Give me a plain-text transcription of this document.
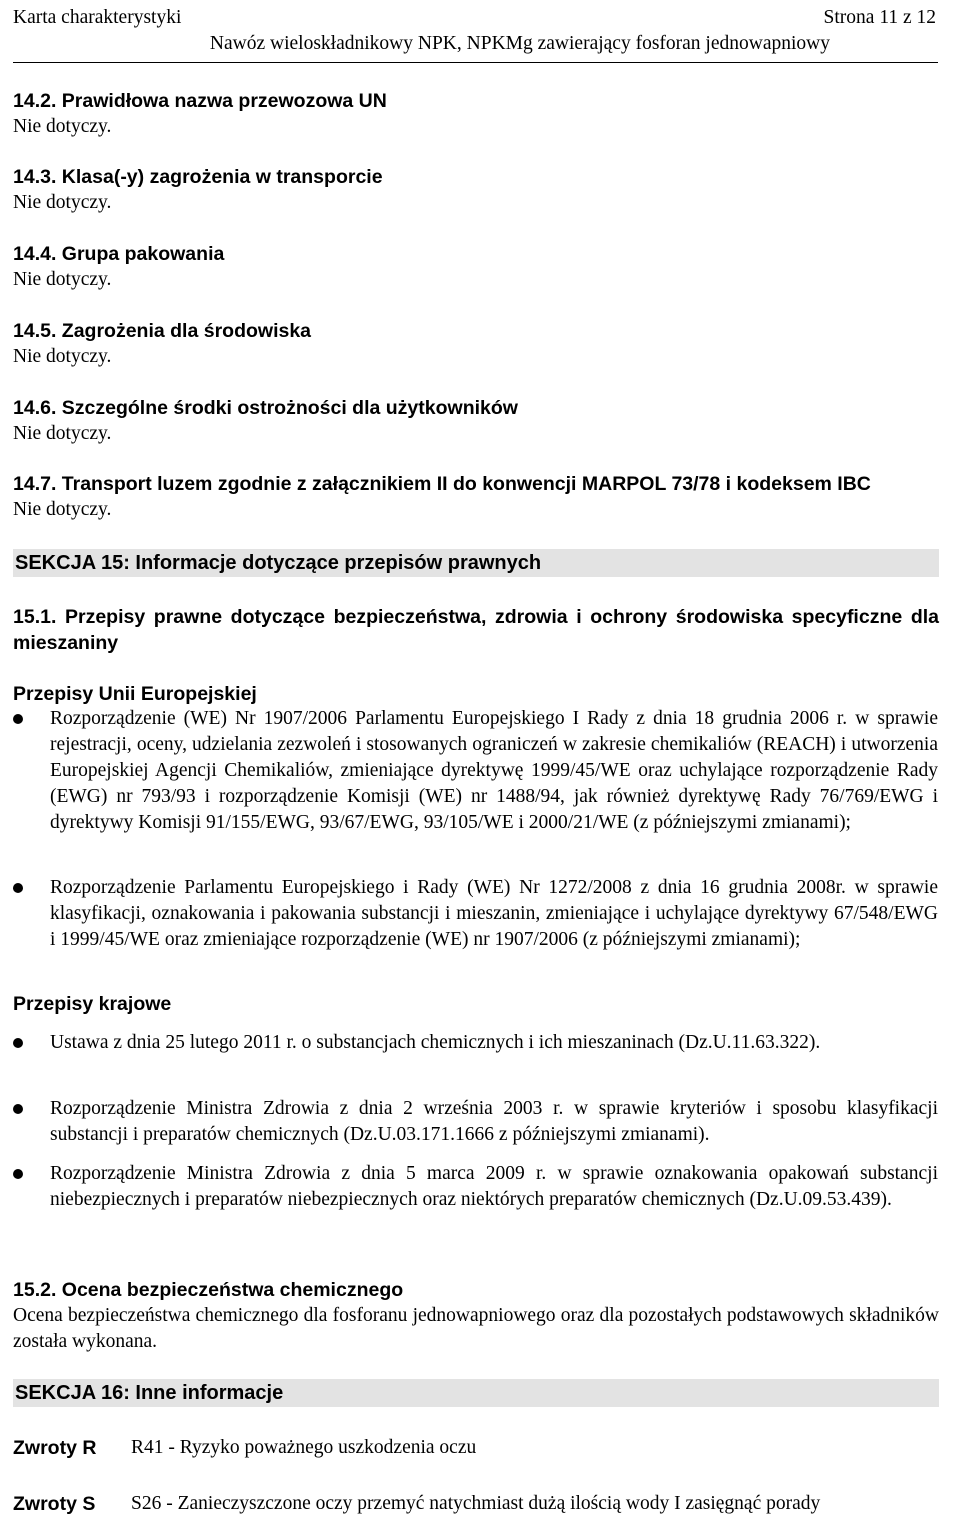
Karta charakterystyki	Strona 11 z 12
Nawóz wieloskładnikowy NPK, NPKMg zawierający fosforan jednowapniowy
14.2. Prawidłowa nazwa przewozowa UN
Nie dotyczy.
14.3. Klasa(-y) zagrożenia w transporcie
Nie dotyczy.
14.4. Grupa pakowania
Nie dotyczy.
14.5. Zagrożenia dla środowiska
Nie dotyczy.
14.6. Szczególne środki ostrożności dla użytkowników
Nie dotyczy.
14.7. Transport luzem zgodnie z załącznikiem II do konwencji MARPOL 73/78 i kodeksem IBC
Nie dotyczy.
SEKCJA 15: Informacje dotyczące przepisów prawnych
15.1. Przepisy prawne dotyczące bezpieczeństwa, zdrowia i ochrony środowiska specyficzne dla mieszaniny
Przepisy Unii Europejskiej
Rozporządzenie (WE) Nr 1907/2006 Parlamentu Europejskiego I Rady z dnia 18 grudnia 2006 r. w sprawie rejestracji, oceny, udzielania zezwoleń i stosowanych ograniczeń w zakresie chemikaliów (REACH) i utworzenia Europejskiej Agencji Chemikaliów, zmieniające dyrektywę 1999/45/WE oraz uchylające rozporządzenie Rady (EWG) nr 793/93 i rozporządzenie Komisji (WE) nr 1488/94, jak również dyrektywę Rady 76/769/EWG i dyrektywy Komisji 91/155/EWG, 93/67/EWG, 93/105/WE i 2000/21/WE (z późniejszymi zmianami);
Rozporządzenie Parlamentu Europejskiego i Rady (WE) Nr 1272/2008 z dnia 16 grudnia 2008r. w sprawie klasyfikacji, oznakowania i pakowania substancji i mieszanin, zmieniające i uchylające dyrektywy 67/548/EWG i 1999/45/WE oraz zmieniające rozporządzenie (WE) nr 1907/2006 (z późniejszymi zmianami);
Przepisy krajowe
Ustawa z dnia 25 lutego 2011 r. o substancjach chemicznych i ich mieszaninach (Dz.U.11.63.322).
Rozporządzenie Ministra Zdrowia z dnia 2 września 2003 r. w sprawie kryteriów i sposobu klasyfikacji substancji i preparatów chemicznych (Dz.U.03.171.1666 z późniejszymi zmianami).
Rozporządzenie Ministra Zdrowia z dnia 5 marca 2009 r. w sprawie oznakowania opakowań substancji niebezpiecznych i preparatów niebezpiecznych oraz niektórych preparatów chemicznych (Dz.U.09.53.439).
15.2. Ocena bezpieczeństwa chemicznego
Ocena bezpieczeństwa chemicznego dla fosforanu jednowapniowego oraz dla pozostałych podstawowych składników została wykonana.
SEKCJA 16: Inne informacje
Zwroty R R41 - Ryzyko poważnego uszkodzenia oczu
Zwroty S S26 - Zanieczyszczone oczy przemyć natychmiast dużą ilością wody I zasięgnąć porady
